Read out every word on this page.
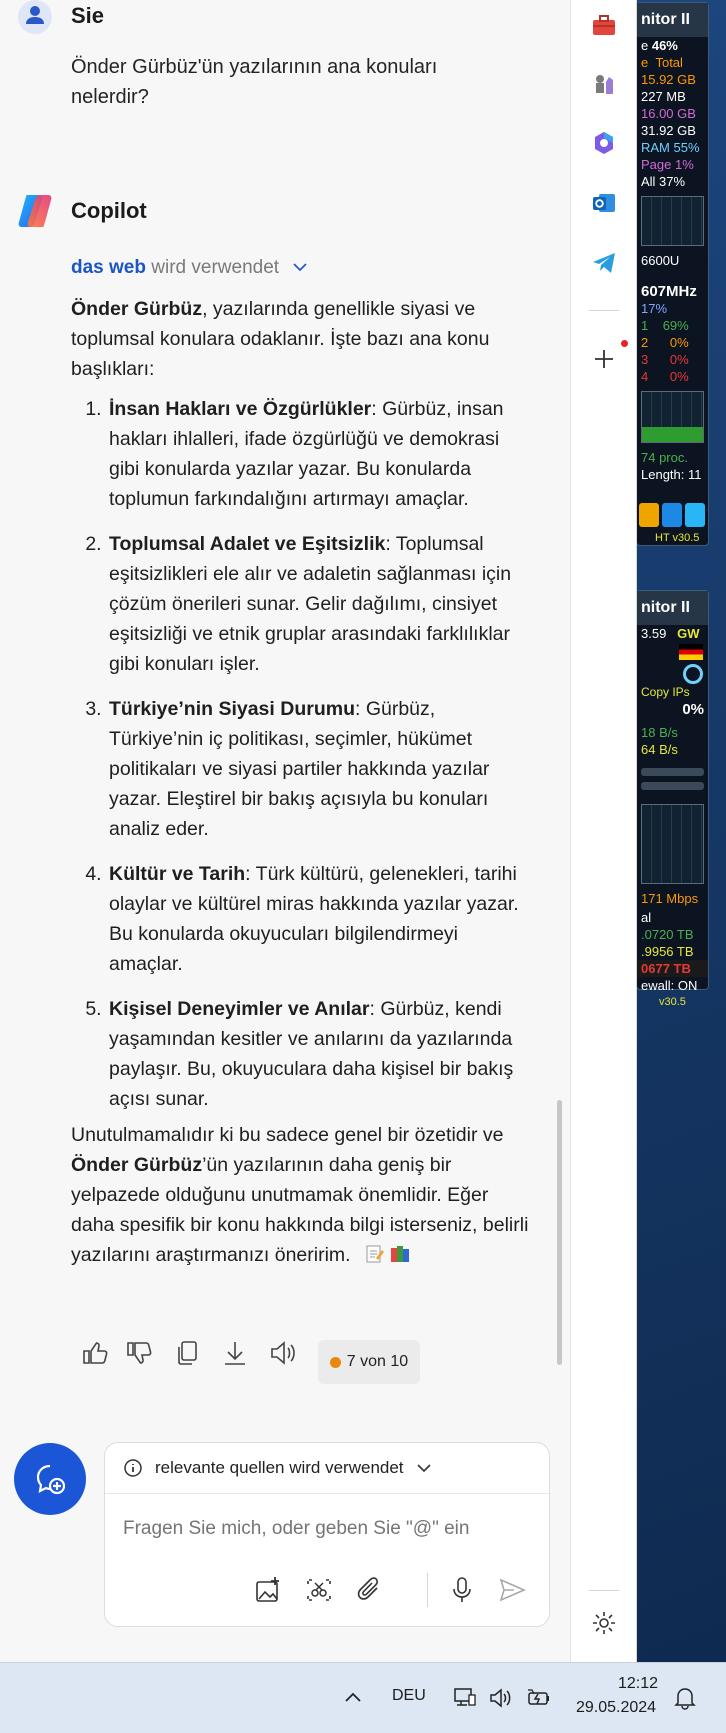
nitor II
e 46%
e  Total
15.92 GB
227 MB
16.00 GB
31.92 GB
RAM 55%
Page 1%
All 37%
6600U
607MHz
17%
1 69%
2 0%
3 0%
4 0%
74 proc.
Length: 11
HT v30.5
nitor II
3.59 GW
Copy IPs
0%
18 B/s
64 B/s
171 Mbps
al
.0720 TB
.9956 TB
0677 TB
ewall: ON
v30.5
Sie
Önder Gürbüz'ün yazılarının ana konuları nelerdir?
Copilot
das web wird verwendet

Önder Gürbüz, yazılarında genellikle siyasi ve toplumsal konulara odaklanır. İşte bazı ana konu başlıkları:

1. İnsan Hakları ve Özgürlükler: Gürbüz, insan hakları ihlalleri, ifade özgürlüğü ve demokrasi gibi konularda yazılar yazar. Bu konularda toplumun farkındalığını artırmayı amaçlar.
2. Toplumsal Adalet ve Eşitsizlik: Toplumsal eşitsizlikleri ele alır ve adaletin sağlanması için çözüm önerileri sunar. Gelir dağılımı, cinsiyet eşitsizliği ve etnik gruplar arasındaki farklılıklar gibi konuları işler.
3. Türkiye’nin Siyasi Durumu: Gürbüz, Türkiye’nin iç politikası, seçimler, hükümet politikaları ve siyasi partiler hakkında yazılar yazar. Eleştirel bir bakış açısıyla bu konuları analiz eder.
4. Kültür ve Tarih: Türk kültürü, gelenekleri, tarihi olaylar ve kültürel miras hakkında yazılar yazar. Bu konularda okuyucuları bilgilendirmeyi amaçlar.
5. Kişisel Deneyimler ve Anılar: Gürbüz, kendi yaşamından kesitler ve anılarını da yazılarında paylaşır. Bu, okuyuculara daha kişisel bir bakış açısı sunar.

Unutulmamalıdır ki bu sadece genel bir özetidir ve Önder Gürbüz’ün yazılarının daha geniş bir yelpazede olduğunu unutmamak önemlidir. Eğer daha spesifik bir konu hakkında bilgi isterseniz, belirli yazılarını araştırmanızı öneririm.

7 von 10
relevante quellen wird verwendet
Fragen Sie mich, oder geben Sie "@" ein
DEU
12:12
29.05.2024
